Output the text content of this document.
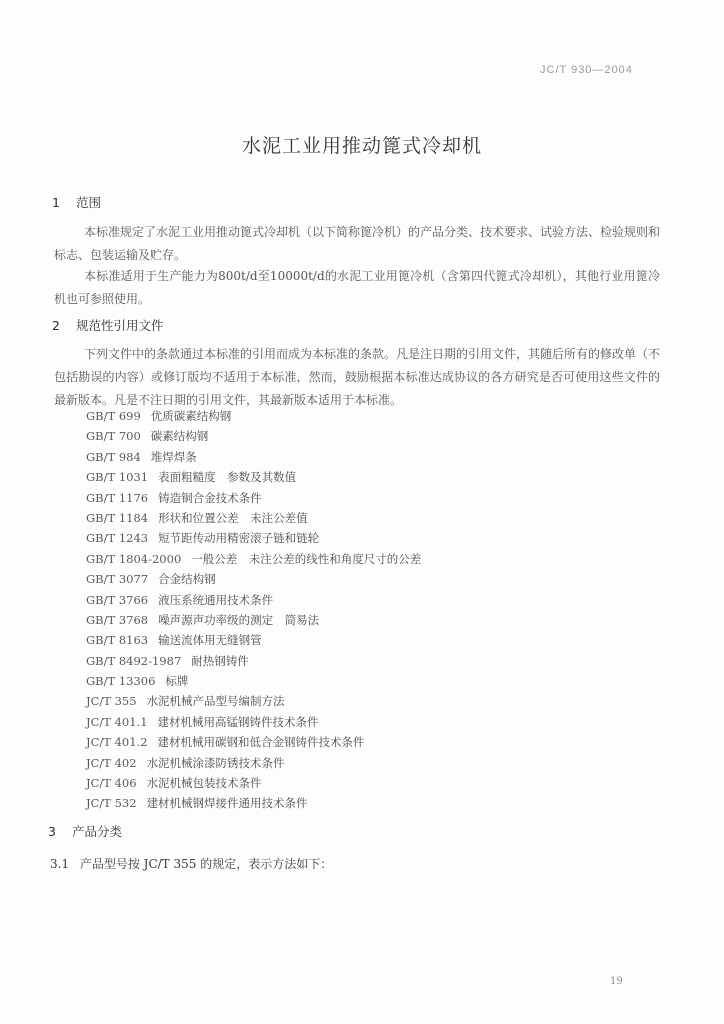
JC/T 930—2004
水泥工业用推动篦式冷却机
1 范围
本标准规定了水泥工业用推动篦式冷却机（以下简称篦冷机）的产品分类、技术要求、试验方法、检验规则和标志、包装运输及贮存。
本标准适用于生产能力为800t/d至10000t/d的水泥工业用篦冷机（含第四代篦式冷却机），其他行业用篦冷机也可参照使用。
2 规范性引用文件
下列文件中的条款通过本标准的引用而成为本标准的条款。凡是注日期的引用文件，其随后所有的修改单（不包括勘误的内容）或修订版均不适用于本标准，然而，鼓励根据本标准达成协议的各方研究是否可使用这些文件的最新版本。凡是不注日期的引用文件，其最新版本适用于本标准。
GB/T 699 优质碳素结构钢
GB/T 700 碳素结构钢
GB/T 984 堆焊焊条
GB/T 1031 表面粗糙度　参数及其数值
GB/T 1176 铸造铜合金技术条件
GB/T 1184 形状和位置公差　未注公差值
GB/T 1243 短节距传动用精密滚子链和链轮
GB/T 1804-2000 一般公差　未注公差的线性和角度尺寸的公差
GB/T 3077 合金结构钢
GB/T 3766 液压系统通用技术条件
GB/T 3768 噪声源声功率级的测定　简易法
GB/T 8163 输送流体用无缝钢管
GB/T 8492-1987 耐热钢铸件
GB/T 13306 标牌
JC/T 355 水泥机械产品型号编制方法
JC/T 401.1 建材机械用高锰钢铸件技术条件
JC/T 401.2 建材机械用碳钢和低合金钢铸件技术条件
JC/T 402 水泥机械涂漆防锈技术条件
JC/T 406 水泥机械包装技术条件
JC/T 532 建材机械钢焊接件通用技术条件
3 产品分类
3.1 产品型号按 JC/T 355 的规定，表示方法如下：
19
